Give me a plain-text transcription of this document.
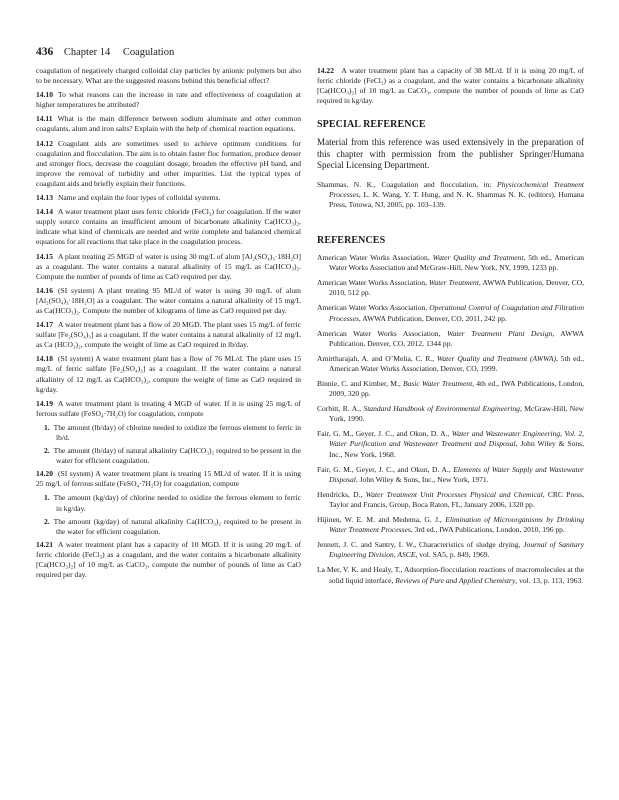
436 Chapter 14 Coagulation

coagulation of negatively charged colloidal clay particles by anionic polymers but also to be necessary. What are the suggested reasons behind this beneficial effect?

14.10 To what reasons can the increase in rate and effectiveness of coagulation at higher temperatures be attributed?

14.11 What is the main difference between sodium aluminate and other common coagulants, alum and iron salts? Explain with the help of chemical reaction equations.

14.12 Coagulant aids are sometimes used to achieve optimum conditions for coagulation and flocculation. The aim is to obtain faster floc formation, produce denser and stronger flocs, decrease the coagulant dosage, broaden the effective pH band, and improve the removal of turbidity and other impurities. List the typical types of coagulant aids and briefly explain their functions.

14.13 Name and explain the four types of colloidal systems.

14.14 A water treatment plant uses ferric chloride (FeCl₃) for coagulation. If the water supply source contains an insufficient amount of bicarbonate alkalinity Ca(HCO₃)₂, indicate what kind of chemicals are needed and write complete and balanced chemical equations for all reactions that take place in the coagulation process.

14.15 A plant treating 25 MGD of water is using 30 mg/L of alum [Al₂(SO₄)₃·18H₂O] as a coagulant. The water contains a natural alkalinity of 15 mg/L as Ca(HCO₃)₂. Compute the number of pounds of lime as CaO required per day.

14.16 (SI system) A plant treating 95 ML/d of water is using 30 mg/L of alum [Al₂(SO₄)₃·18H₂O] as a coagulant. The water contains a natural alkalinity of 15 mg/L as Ca(HCO₃)₂. Compute the number of kilograms of lime as CaO required per day.

14.17 A water treatment plant has a flow of 20 MGD. The plant uses 15 mg/L of ferric sulfate [Fe₂(SO₄)₃] as a coagulant. If the water contains a natural alkalinity of 12 mg/L as Ca (HCO₃)₂, compute the weight of lime as CaO required in lb/day.

14.18 (SI system) A water treatment plant has a flow of 76 ML/d. The plant uses 15 mg/L of ferric sulfate [Fe₂(SO₄)₃] as a coagulant. If the water contains a natural alkalinity of 12 mg/L as Ca(HCO₃)₂, compute the weight of lime as CaO required in kg/day.

14.19 A water treatment plant is treating 4 MGD of water. If it is using 25 mg/L of ferrous sulfate (FeSO₄·7H₂O) for coagulation, compute

1. The amount (lb/day) of chlorine needed to oxidize the ferrous element to ferric in lb/d.

2. The amount (lb/day) of natural alkalinity Ca(HCO₃)₂ required to be present in the water for efficient coagulation.

14.20 (SI system) A water treatment plant is treating 15 ML/d of water. If it is using 25 mg/L of ferrous sulfate (FeSO₄·7H₂O) for coagulation, compute

1. The amount (kg/day) of chlorine needed to oxidize the ferrous element to ferric in kg/day.

2. The amount (kg/day) of natural alkalinity Ca(HCO₃)₂ required to be present in the water for efficient coagulation.

14.21 A water treatment plant has a capacity of 10 MGD. If it is using 20 mg/L of ferric chloride (FeCl₃) as a coagulant, and the water contains a bicarbonate alkalinity [Ca(HCO₃)₂] of 10 mg/L as CaCO₃, compute the number of pounds of lime as CaO required per day.

14.22 A water treatment plant has a capacity of 38 ML/d. If it is using 20 mg/L of ferric chloride (FeCl₃) as a coagulant, and the water contains a bicarbonate alkalinity [Ca(HCO₃)₂] of 10 mg/L as CaCO₃, compute the number of pounds of lime as CaO required in kg/day.

SPECIAL REFERENCE

Material from this reference was used extensively in the preparation of this chapter with permission from the publisher Springer/Humana Special Licensing Department.

Shammas, N. K., Coagulation and flocculation, in: Physicochemical Treatment Processes, L. K. Wang, Y. T. Hung, and N. K. Shammas N. K. (editors), Humana Press, Totowa, NJ, 2005, pp. 103–139.

REFERENCES

American Water Works Association, Water Quality and Treatment, 5th ed., American Water Works Association and McGraw-Hill, New York, NY, 1999, 1233 pp.

American Water Works Association, Water Treatment, AWWA Publication, Denver, CO, 2010, 512 pp.

American Water Works Association, Operational Control of Coagulation and Filtration Processes, AWWA Publication, Denver, CO, 2011, 242 pp.

American Water Works Association, Water Treatment Plant Design, AWWA Publication, Denver, CO, 2012, 1344 pp.

Amirtharajah, A. and O’Melia, C. R., Water Quality and Treatment (AWWA), 5th ed., American Water Works Association, Denver, CO, 1999.

Binnie, C. and Kimber, M., Basic Water Treatment, 4th ed., IWA Publications, London, 2009, 320 pp.

Corbitt, R. A., Standard Handbook of Environmental Engineering, McGraw-Hill, New York, 1990.

Fair, G. M., Geyer, J. C., and Okun, D. A., Water and Wastewater Engineering, Vol. 2, Water Purification and Wastewater Treatment and Disposal, John Wiley & Sons, Inc., New York, 1968.

Fair, G. M., Geyer, J. C., and Okun, D. A., Elements of Water Supply and Wastewater Disposal, John Wiley & Sons, Inc., New York, 1971.

Hendricks, D., Water Treatment Unit Processes Physical and Chemical, CRC Press, Taylor and Francis, Group, Boca Raton, FL, January 2006, 1320 pp.

Hijinen, W. E. M. and Medema, G. J., Elimination of Microorganisms by Drinking Water Treatment Processes, 3rd ed., IWA Publications, London, 2010, 196 pp.

Jennett, J. C. and Santry, I. W., Characteristics of sludge drying, Journal of Sanitary Engineering Division, ASCE, vol. SA5, p. 849, 1969.

La Mer, V. K. and Healy, T., Adsorption-flocculation reactions of macromolecules at the solid liquid interface, Reviews of Pure and Applied Chemistry, vol. 13, p. 113, 1963.
